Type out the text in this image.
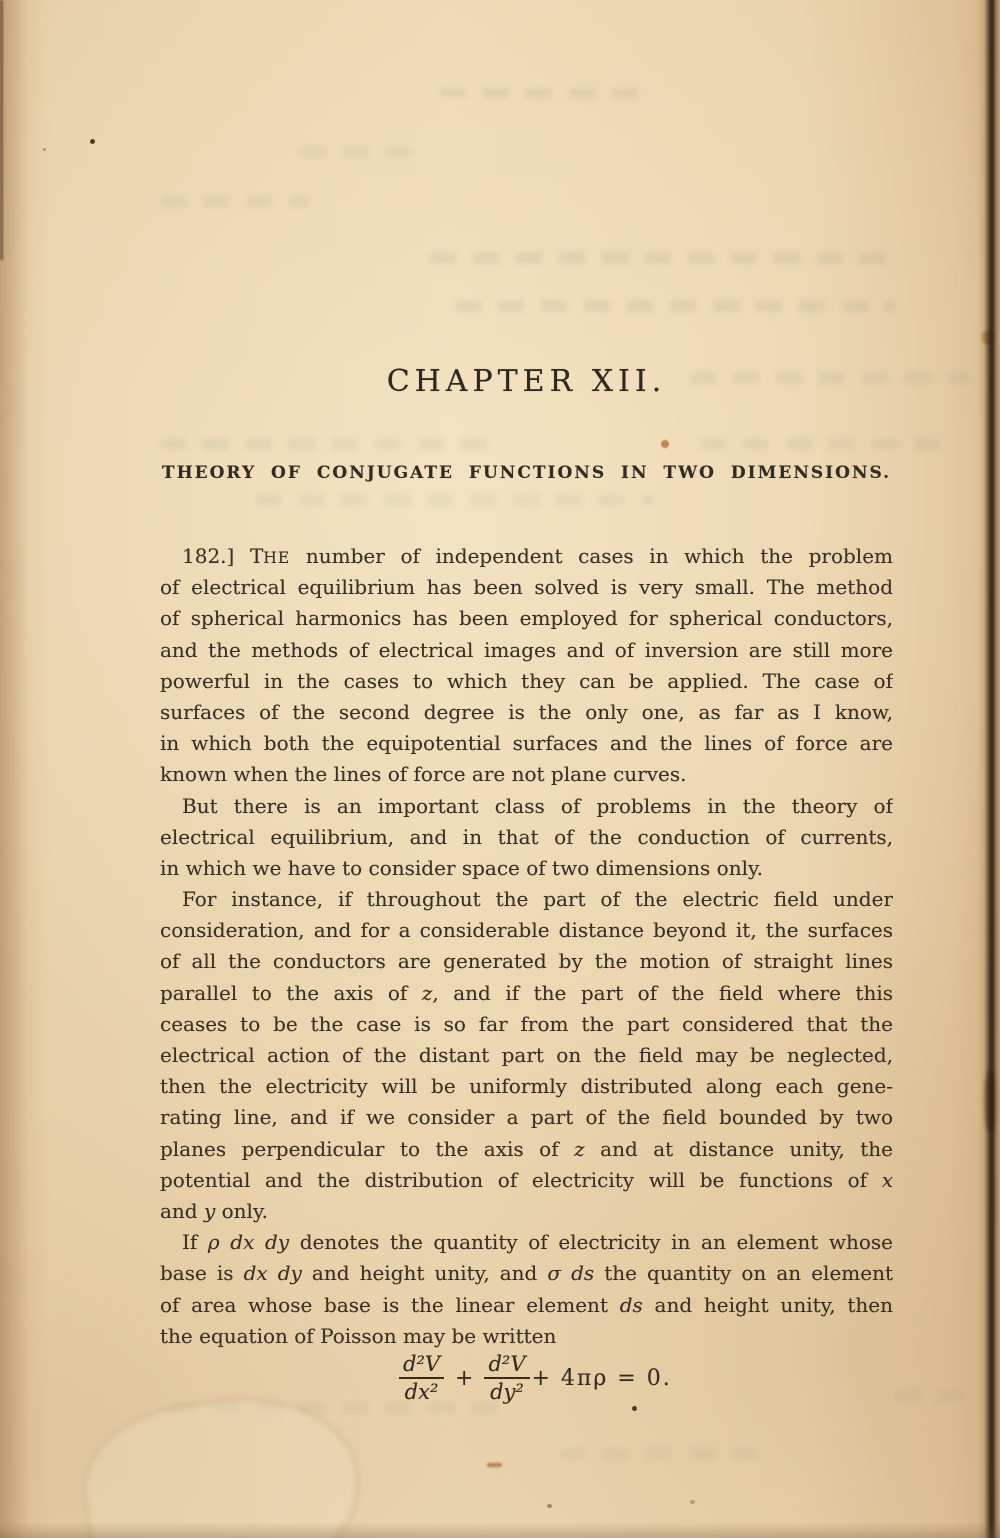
CHAPTER XII.
THEORY OF CONJUGATE FUNCTIONS IN TWO DIMENSIONS.
182.] THE number of independent cases in which the problem
of electrical equilibrium has been solved is very small. The method
of spherical harmonics has been employed for spherical conductors,
and the methods of electrical images and of inversion are still more
powerful in the cases to which they can be applied. The case of
surfaces of the second degree is the only one, as far as I know,
in which both the equipotential surfaces and the lines of force are
known when the lines of force are not plane curves.
But there is an important class of problems in the theory of
electrical equilibrium, and in that of the conduction of currents,
in which we have to consider space of two dimensions only.
For instance, if throughout the part of the electric field under
consideration, and for a considerable distance beyond it, the surfaces
of all the conductors are generated by the motion of straight lines
parallel to the axis of z, and if the part of the field where this
ceases to be the case is so far from the part considered that the
electrical action of the distant part on the field may be neglected,
then the electricity will be uniformly distributed along each gene-
rating line, and if we consider a part of the field bounded by two
planes perpendicular to the axis of z and at distance unity, the
potential and the distribution of electricity will be functions of x
and y only.
If ρ dx dy denotes the quantity of electricity in an element whose
base is dx dy and height unity, and σ ds the quantity on an element
of area whose base is the linear element ds and height unity, then
the equation of Poisson may be written
$\frac{\text{d²V}}{\text{dx²}} + \frac{\text{d²V}}{\text{dy²}} + 4\pi\rho = 0$.
